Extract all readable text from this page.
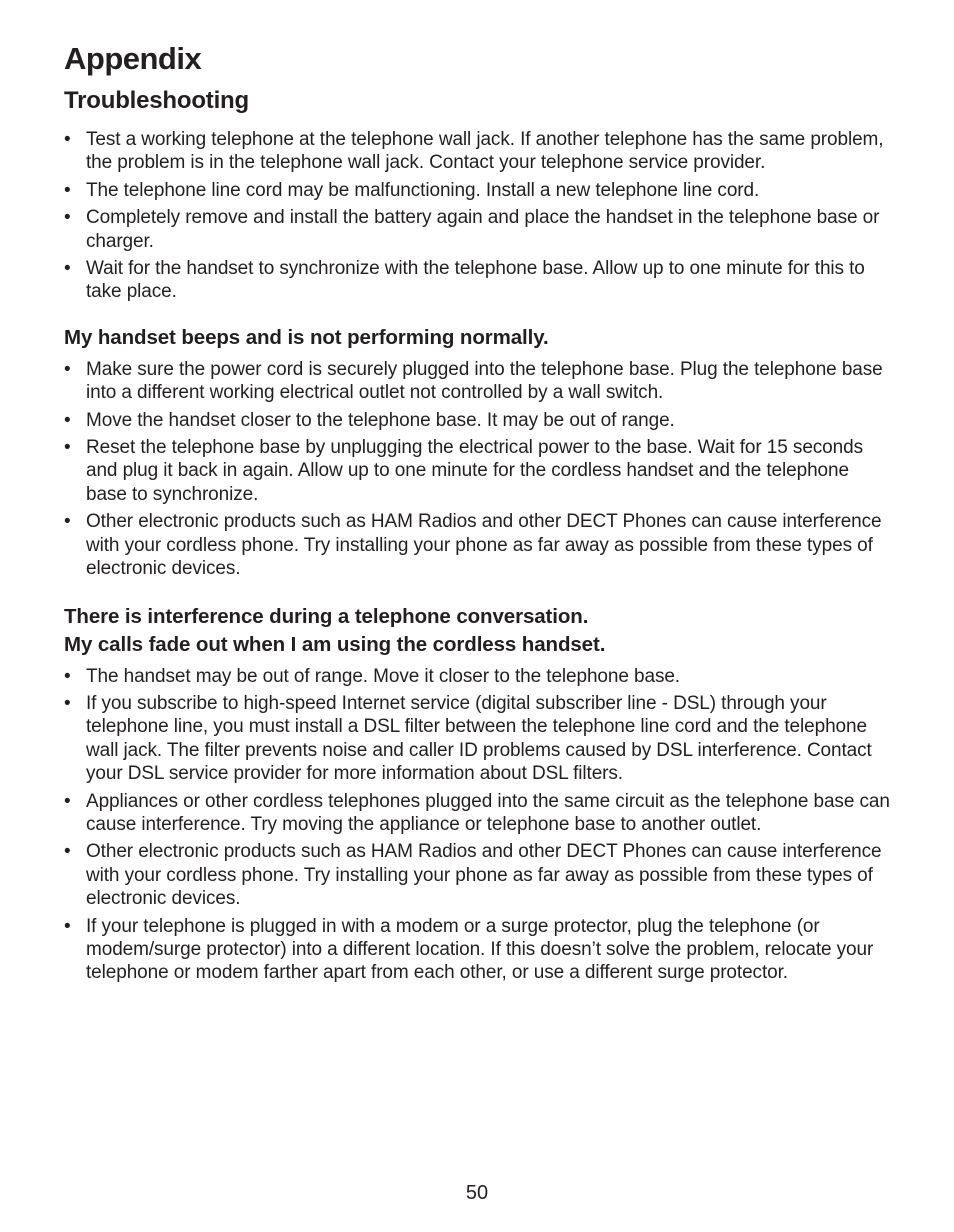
Appendix
Troubleshooting
• Test a working telephone at the telephone wall jack. If another telephone has the same problem, the problem is in the telephone wall jack. Contact your telephone service provider.
• The telephone line cord may be malfunctioning. Install a new telephone line cord.
• Completely remove and install the battery again and place the handset in the telephone base or charger.
• Wait for the handset to synchronize with the telephone base. Allow up to one minute for this to take place.
My handset beeps and is not performing normally.
• Make sure the power cord is securely plugged into the telephone base. Plug the telephone base into a different working electrical outlet not controlled by a wall switch.
• Move the handset closer to the telephone base. It may be out of range.
• Reset the telephone base by unplugging the electrical power to the base. Wait for 15 seconds and plug it back in again. Allow up to one minute for the cordless handset and the telephone base to synchronize.
• Other electronic products such as HAM Radios and other DECT Phones can cause interference with your cordless phone. Try installing your phone as far away as possible from these types of electronic devices.
There is interference during a telephone conversation.
My calls fade out when I am using the cordless handset.
• The handset may be out of range. Move it closer to the telephone base.
• If you subscribe to high-speed Internet service (digital subscriber line - DSL) through your telephone line, you must install a DSL filter between the telephone line cord and the telephone wall jack. The filter prevents noise and caller ID problems caused by DSL interference. Contact your DSL service provider for more information about DSL filters.
• Appliances or other cordless telephones plugged into the same circuit as the telephone base can cause interference. Try moving the appliance or telephone base to another outlet.
• Other electronic products such as HAM Radios and other DECT Phones can cause interference with your cordless phone. Try installing your phone as far away as possible from these types of electronic devices.
• If your telephone is plugged in with a modem or a surge protector, plug the telephone (or modem/surge protector) into a different location. If this doesn’t solve the problem, relocate your telephone or modem farther apart from each other, or use a different surge protector.
50
